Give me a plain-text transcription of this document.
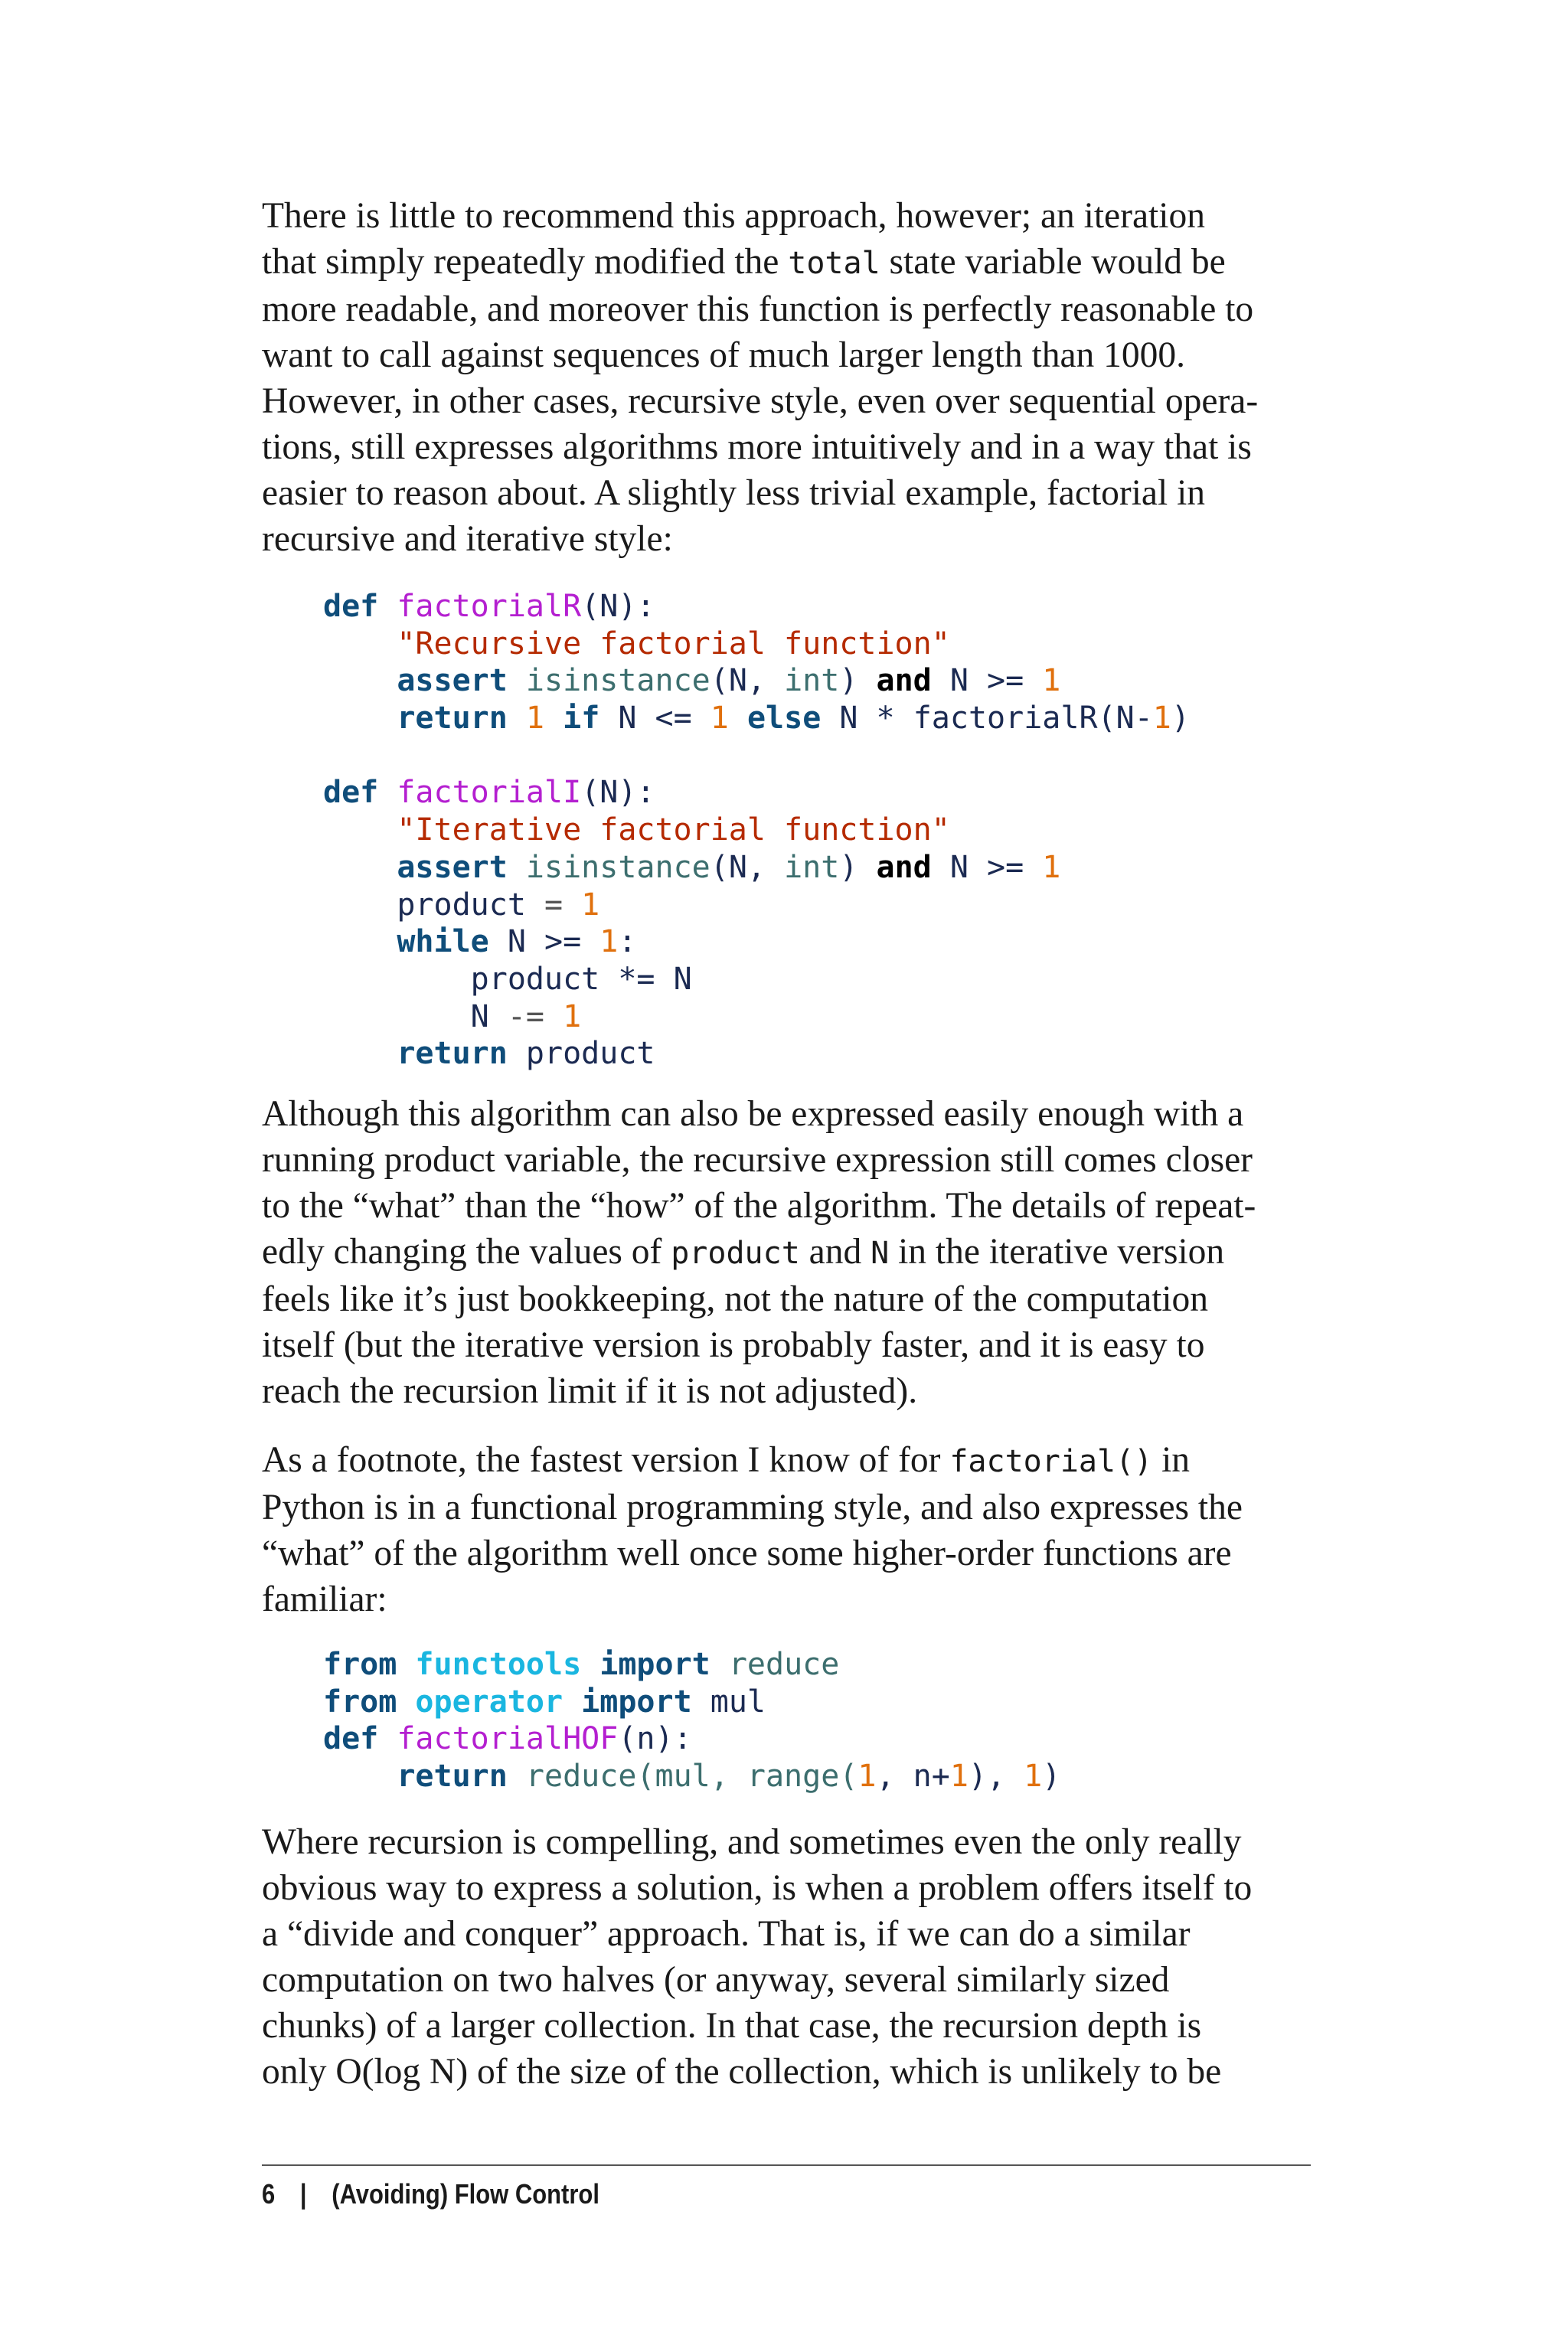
There is little to recommend this approach, however; an iteration
that simply repeatedly modified the total state variable would be
more readable, and moreover this function is perfectly reasonable to
want to call against sequences of much larger length than 1000.
However, in other cases, recursive style, even over sequential opera-
tions, still expresses algorithms more intuitively and in a way that is
easier to reason about. A slightly less trivial example, factorial in
recursive and iterative style:

def factorialR(N):
"Recursive factorial function"
assert isinstance(N, int) and N >= 1
return 1 if N <= 1 else N * factorialR(N-1)

def factorialI(N):
"Iterative factorial function"
assert isinstance(N, int) and N >= 1
product = 1
while N >= 1:
product *= N
N -= 1
return product

Although this algorithm can also be expressed easily enough with a
running product variable, the recursive expression still comes closer
to the “what” than the “how” of the algorithm. The details of repeat-
edly changing the values of product and N in the iterative version
feels like it’s just bookkeeping, not the nature of the computation
itself (but the iterative version is probably faster, and it is easy to
reach the recursion limit if it is not adjusted).

As a footnote, the fastest version I know of for factorial() in
Python is in a functional programming style, and also expresses the
“what” of the algorithm well once some higher-order functions are
familiar:

from functools import reduce
from operator import mul
def factorialHOF(n):
return reduce(mul, range(1, n+1), 1)

Where recursion is compelling, and sometimes even the only really
obvious way to express a solution, is when a problem offers itself to
a “divide and conquer” approach. That is, if we can do a similar
computation on two halves (or anyway, several similarly sized
chunks) of a larger collection. In that case, the recursion depth is
only O(log N) of the size of the collection, which is unlikely to be

6 | (Avoiding) Flow Control
